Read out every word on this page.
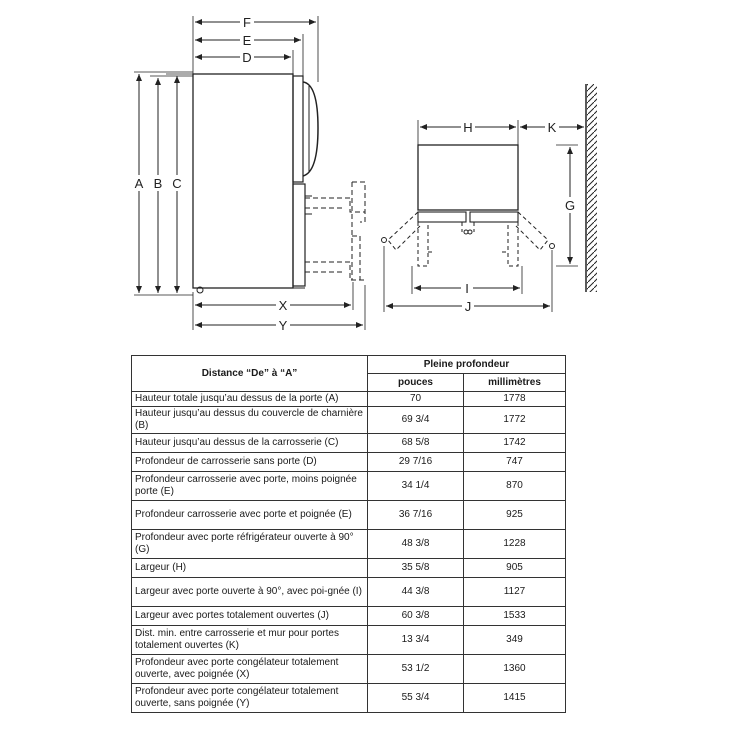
F
E
D
A B C
X
Y
H	K
G
I
J
Distance “De” à “A”	Pleine profondeur	
	pouces	millimètres
Hauteur totale jusqu’au dessus de la porte (A)	70	1778
Hauteur jusqu’au dessus du couvercle de charnière (B)	69 3/4	1772
Hauteur jusqu’au dessus de la carrosserie (C)	68 5/8	1742
Profondeur de carrosserie sans porte (D)	29 7/16	747
Profondeur carrosserie avec porte, moins poignée porte (E)	34 1/4	870
Profondeur carrosserie avec porte et poignée (E)	36 7/16	925
Profondeur avec porte réfrigérateur ouverte à 90° (G)	48 3/8	1228
Largeur (H)	35 5/8	905
Largeur avec porte ouverte à 90°, avec poi-gnée (I)	44 3/8	1127
Largeur avec portes totalement ouvertes (J)	60 3/8	1533
Dist. min. entre carrosserie et mur pour portes totalement ouvertes (K)	13 3/4	349
Profondeur avec porte congélateur totalement ouverte, avec poignée (X)	53 1/2	1360
Profondeur avec porte congélateur totalement ouverte, sans poignée (Y)	55 3/4	1415
